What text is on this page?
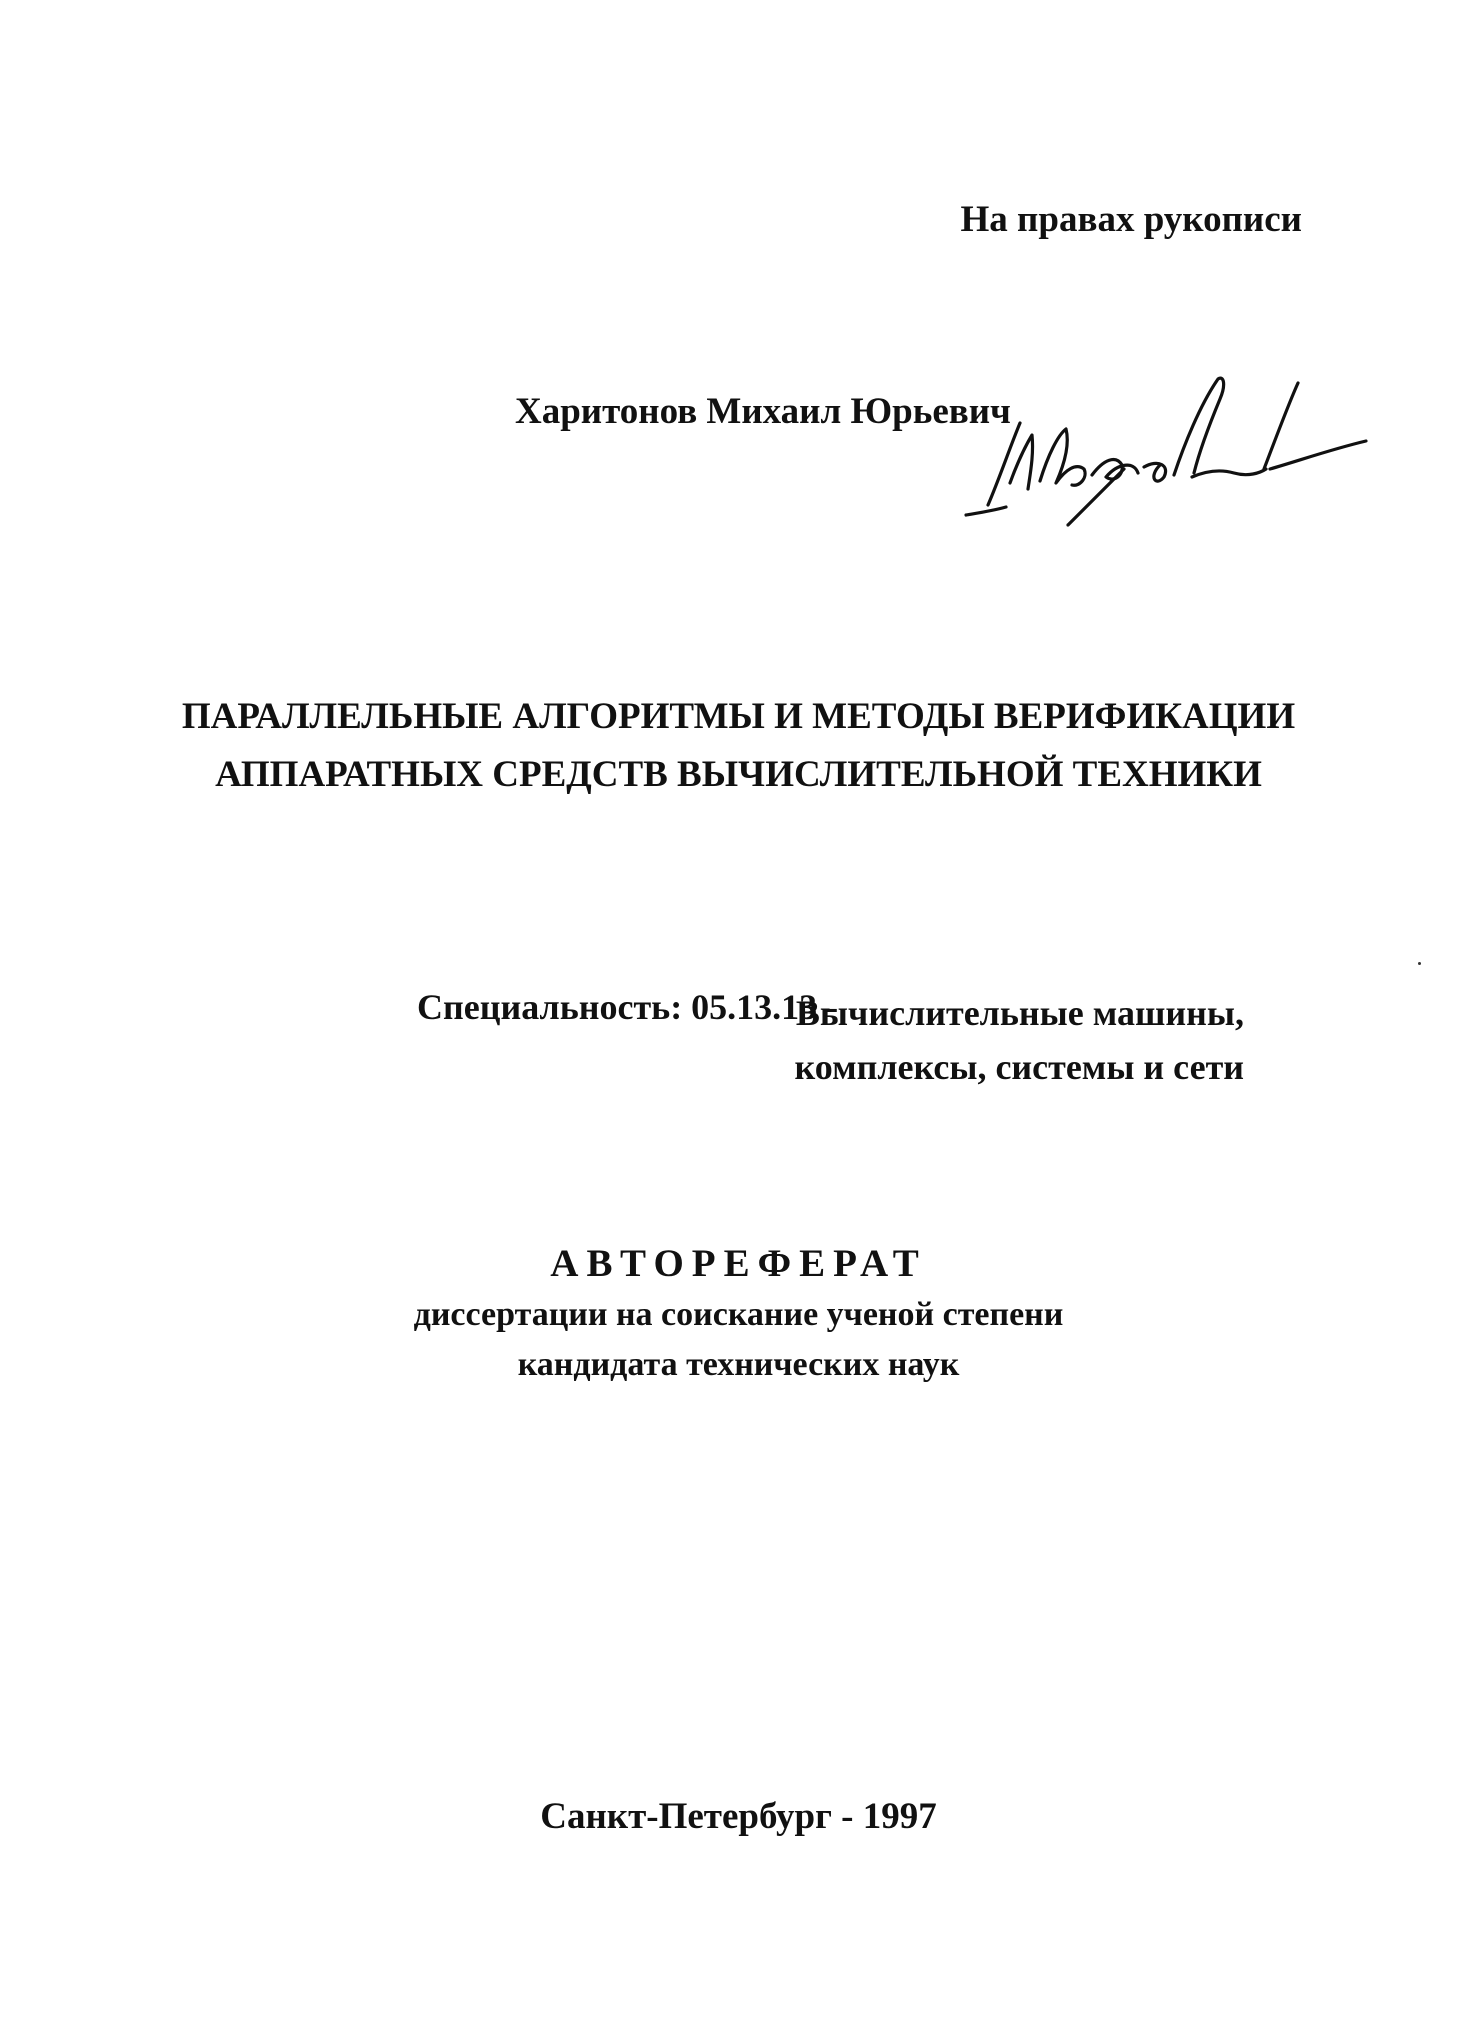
На правах рукописи
Харитонов Михаил Юрьевич
ПАРАЛЛЕЛЬНЫЕ АЛГОРИТМЫ И МЕТОДЫ ВЕРИФИКАЦИИ
АППАРАТНЫХ СРЕДСТВ ВЫЧИСЛИТЕЛЬНОЙ ТЕХНИКИ
Специальность: 05.13.13 -
Вычислительные машины,
комплексы, системы и сети
АВТОРЕФЕРАТ
диссертации на соискание ученой степени
кандидата технических наук
Санкт-Петербург - 1997
